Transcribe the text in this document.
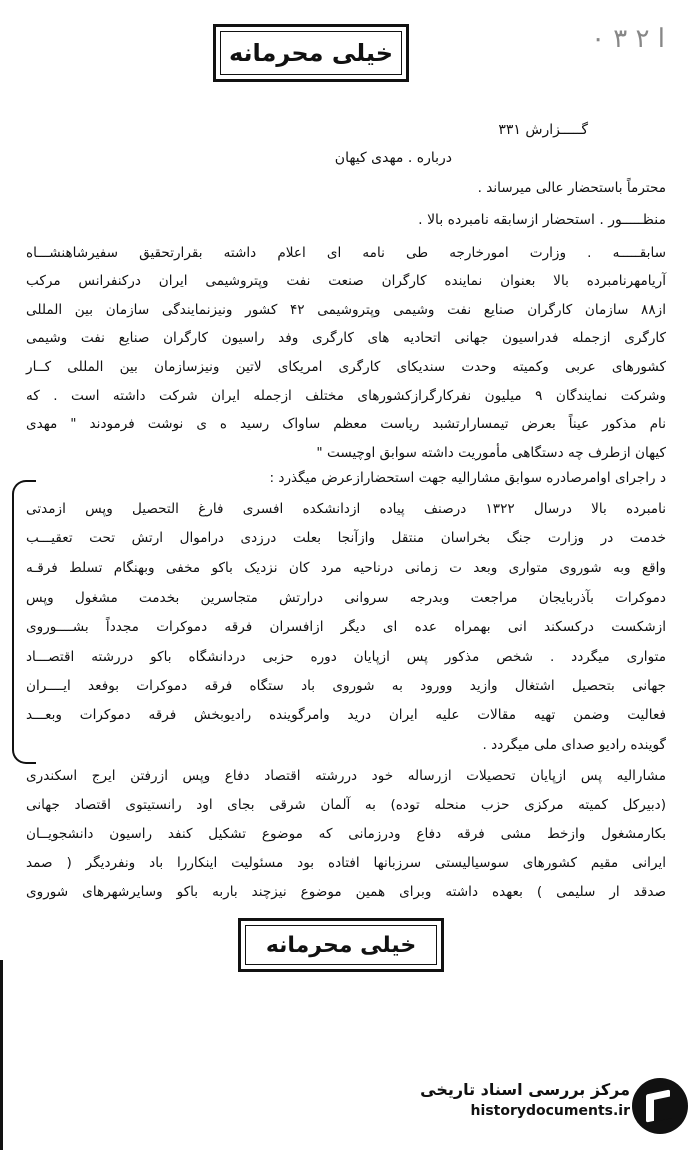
خیلی محرمانه	ا ۲ ۳ ۰
گـــــزارش ۳۳۱
درباره . مهدی کیهان
محترماً باستحضار عالی میرساند .
منظـــــور . استحضار ازسابقه نامبرده بالا .
سابقـــــه . وزارت امورخارجه طی نامه ای اعلام داشته بقرارتحقیق سفیرشاهنشـــاه
آریامهرنامبرده بالا بعنوان نماینده کارگران صنعت نفت وپتروشیمی ایران درکنفرانس مرکب
از۸۸ سازمان کارگران صنایع نفت وشیمی وپتروشیمی ۴۲ کشور ونیزنمایندگی سازمان بین المللی
کارگری ازجمله فدراسیون جهانی اتحادیه های کارگری وفد راسیون کارگران صنایع نفت وشیمی
کشورهای عربی وکمیته وحدت سندیکای کارگری امریکای لاتین ونیزسازمان بین المللی کــار
وشرکت نمایندگان ۹ میلیون نفرکارگرازکشورهای مختلف ازجمله ایران شرکت داشته است . که
نام مذکور عیناً بعرض تیمسارارتشبد ریاست معظم ساواک رسید ه ی نوشت فرمودند " مهدی
کیهان ازطرف چه دستگاهی مأموریت داشته سوابق اوچیست "
د راجرای اوامرصادره سوابق مشارالیه جهت استحضارازعرض میگذرد :
نامبرده بالا درسال ۱۳۲۲ درصنف پیاده ازدانشکده افسری فارغ التحصیل وپس ازمدتی
خدمت در وزارت جنگ بخراسان منتقل وازآنجا بعلت درزدی دراموال ارتش تحت تعقیـــب
واقع وبه شوروی متواری وبعد ت زمانی درناحیه مرد کان نزدیک باکو مخفی وبهنگام تسلط فرقـه
دموکرات بآذربایجان مراجعت وبدرجه سروانی درارتش متجاسرین بخدمت مشغول وپس
ازشکست درکسکند انی بهمراه عده ای دیگر ازافسران فرقه دموکرات مجدداً بشــــوروی
متواری میگردد . شخص مذکور پس ازپایان دوره حزبی دردانشگاه باکو دررشته اقتصـــاد
جهانی بتحصیل اشتغال وازید وورود به شوروی باد ستگاه فرقه دموکرات بوفعد ایــــران
فعالیت وضمن تهیه مقالات علیه ایران درید وامرگوینده رادیوبخش فرقه دموکرات وبعـــد
گوینده رادیو صدای ملی میگردد .
مشارالیه پس ازپایان تحصیلات ازرساله خود دررشته اقتصاد دفاع وپس ازرفتن ایرج اسکندری
(دبیرکل کمیته مرکزی حزب منحله توده) به آلمان شرقی بجای اود رانستیتوی اقتصاد جهانی
بکارمشغول وازخط مشی فرقه دفاع ودرزمانی که موضوع تشکیل کنفد راسیون دانشجویــان
ایرانی مقیم کشورهای سوسیالیستی سرزبانها افتاده بود مسئولیت اینکاررا باد ونفردیگر ( صمد
صدقد ار سلیمی ) بعهده داشته وبرای همین موضوع نیزچند باربه باکو وسایرشهرهای شوروی
خیلی محرمانه
مرکز بررسی اسناد تاریخی
historydocuments.ir
